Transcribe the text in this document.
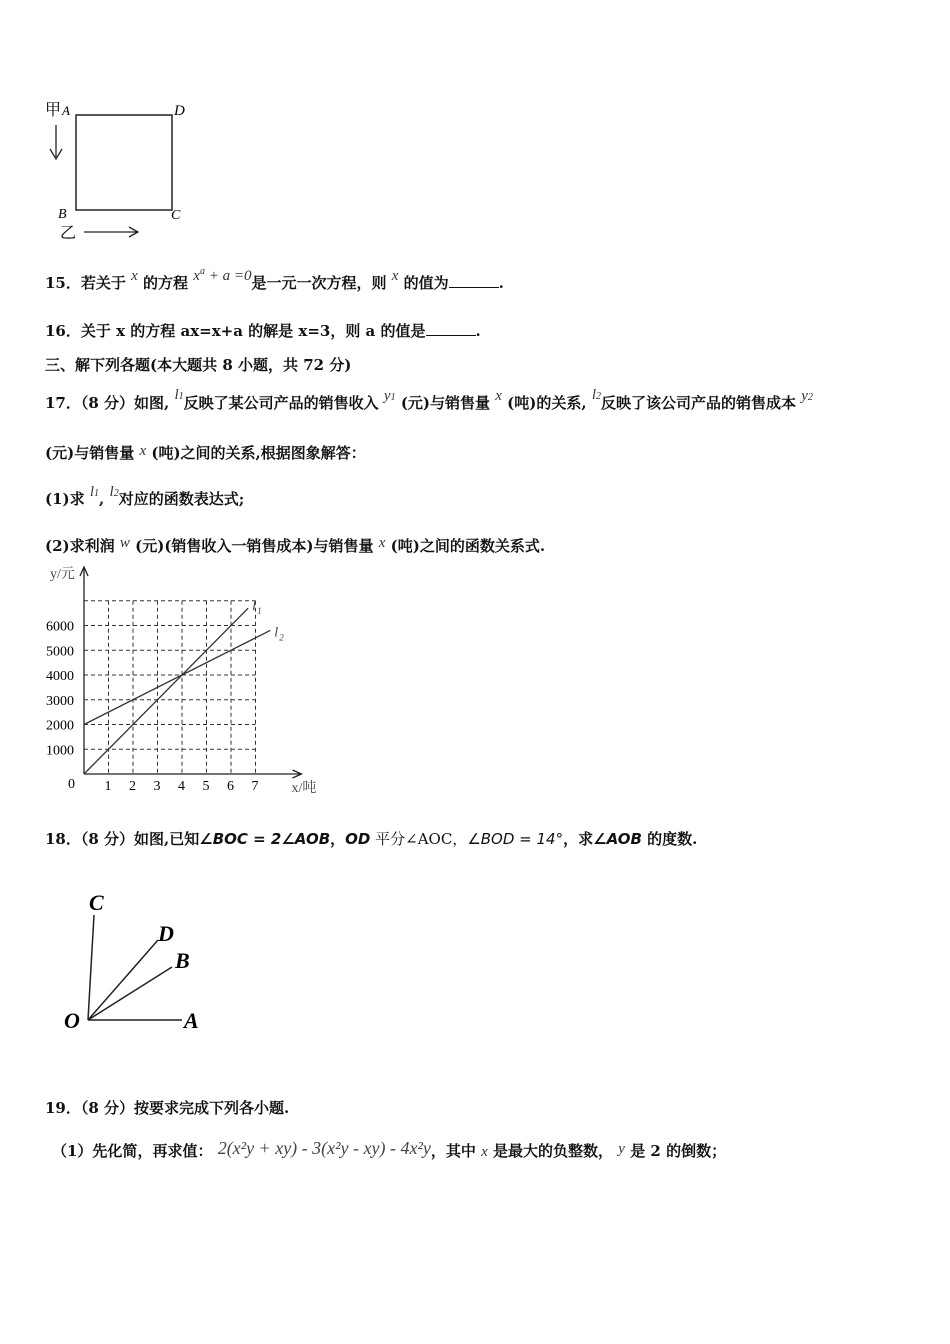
甲 A	D
B	C
乙
15．若关于 x 的方程 $x^a + a =0$是一元一次方程，则 x 的值为	.
16．关于 x 的方程 ax=x+a 的解是 x=3，则 a 的值是	.
三、解下列各题(本大题共 8 小题，共 72 分)
17．（8 分）如图, l1反映了某公司产品的销售收入 y1 (元)与销售量 x (吨)的关系, l2反映了该公司产品的销售成本 y2
(元)与销售量 x (吨)之间的关系,根据图象解答：
(1)求 l1, l2对应的函数表达式;
(2)求利润 w (元)(销售收入一销售成本)与销售量 x (吨)之间的函数关系式.
y/元
x/吨
0 1 2 3 4 5 6 7
1000
2000
3000
4000
5000
6000
l 1
l 2
18．（8 分）如图,已知∠BOC = 2∠AOB，OD 平分∠AOC，∠BOD = 14°，求∠AOB 的度数.
C
D
B
O	A
19．（8 分）按要求完成下列各小题.
（1）先化简，再求值： 2(x²y + xy) - 3(x²y - xy) - 4x²y，其中 x 是最大的负整数， y 是 2 的倒数；
